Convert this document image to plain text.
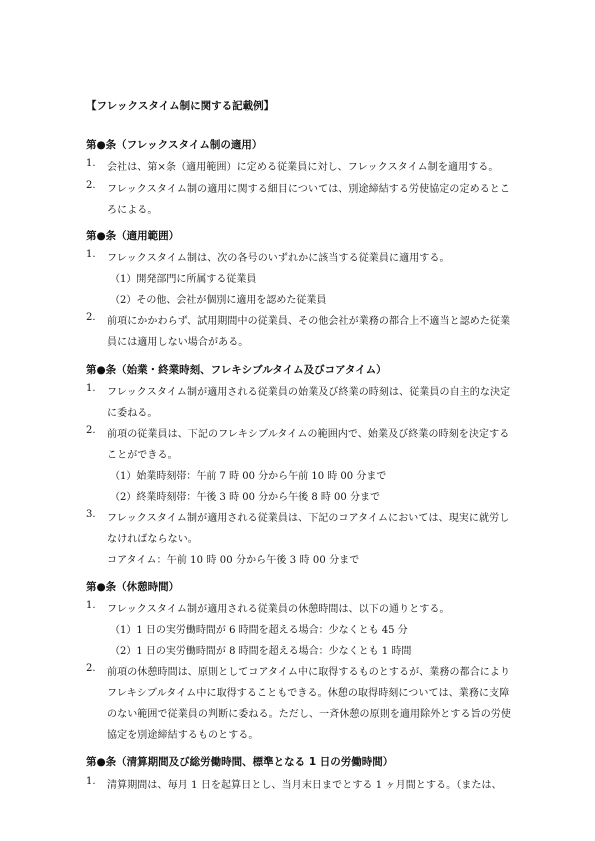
【フレックスタイム制に関する記載例】
第●条（フレックスタイム制の適用）
1. 会社は、第×条（適用範囲）に定める従業員に対し、フレックスタイム制を適用する。
2. フレックスタイム制の適用に関する細目については、別途締結する労使協定の定めるとこ
ろによる。
第●条（適用範囲）
1. フレックスタイム制は、次の各号のいずれかに該当する従業員に適用する。
（1）開発部門に所属する従業員
（2）その他、会社が個別に適用を認めた従業員
2. 前項にかかわらず、試用期間中の従業員、その他会社が業務の都合上不適当と認めた従業
員には適用しない場合がある。
第●条（始業・終業時刻、フレキシブルタイム及びコアタイム）
1. フレックスタイム制が適用される従業員の始業及び終業の時刻は、従業員の自主的な決定
に委ねる。
2. 前項の従業員は、下記のフレキシブルタイムの範囲内で、始業及び終業の時刻を決定する
ことができる。
（1）始業時刻帯：午前 7 時 00 分から午前 10 時 00 分まで
（2）終業時刻帯：午後 3 時 00 分から午後 8 時 00 分まで
3. フレックスタイム制が適用される従業員は、下記のコアタイムにおいては、現実に就労し
なければならない。
コアタイム：午前 10 時 00 分から午後 3 時 00 分まで
第●条（休憩時間）
1. フレックスタイム制が適用される従業員の休憩時間は、以下の通りとする。
（1）1 日の実労働時間が 6 時間を超える場合：少なくとも 45 分
（2）1 日の実労働時間が 8 時間を超える場合：少なくとも 1 時間
2. 前項の休憩時間は、原則としてコアタイム中に取得するものとするが、業務の都合により
フレキシブルタイム中に取得することもできる。休憩の取得時刻については、業務に支障
のない範囲で従業員の判断に委ねる。ただし、一斉休憩の原則を適用除外とする旨の労使
協定を別途締結するものとする。
第●条（清算期間及び総労働時間、標準となる 1 日の労働時間）
1. 清算期間は、毎月 1 日を起算日とし、当月末日までとする 1 ヶ月間とする。（または、
